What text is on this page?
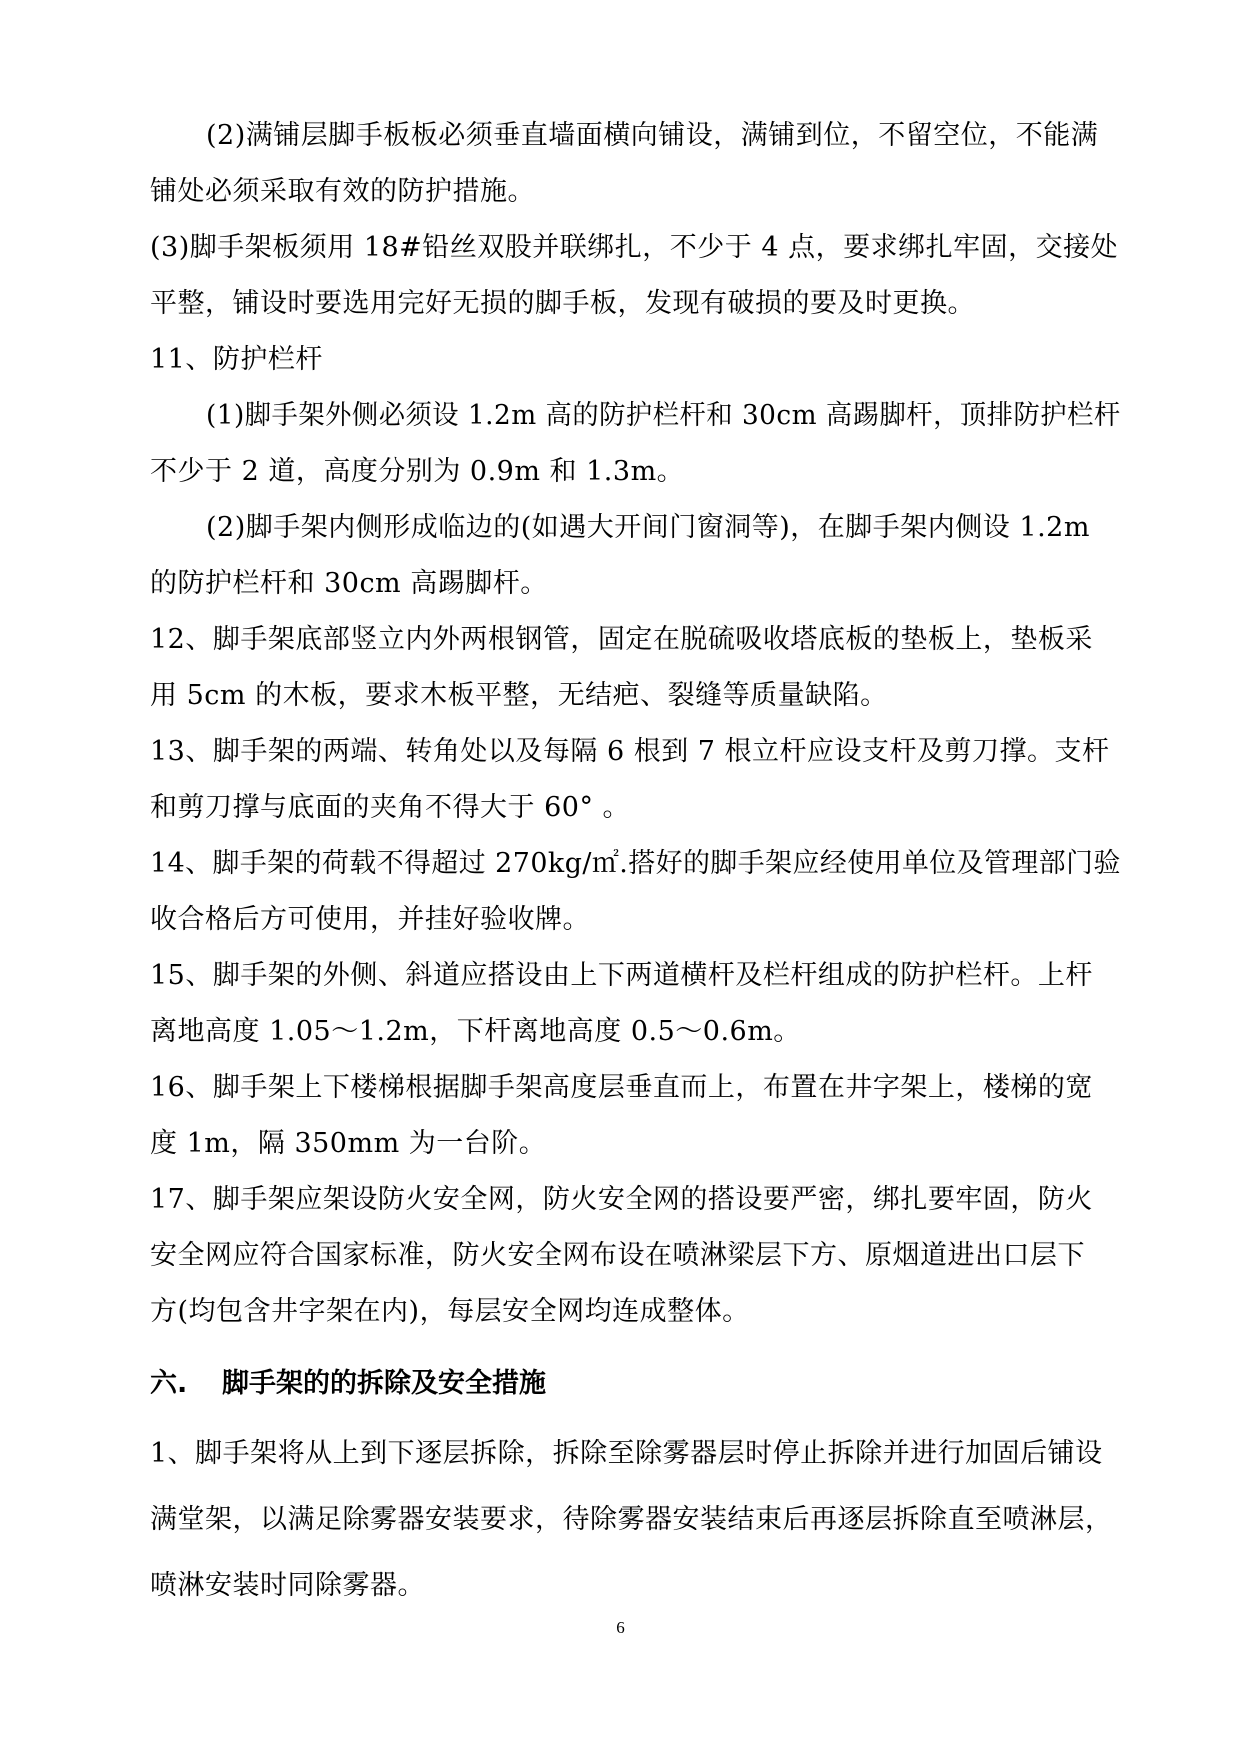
(2)满铺层脚手板板必须垂直墙面横向铺设，满铺到位，不留空位，不能满
铺处必须采取有效的防护措施。
(3)脚手架板须用 18#铅丝双股并联绑扎，不少于 4 点，要求绑扎牢固，交接处
平整，铺设时要选用完好无损的脚手板，发现有破损的要及时更换。
11、防护栏杆
(1)脚手架外侧必须设 1.2m 高的防护栏杆和 30cm 高踢脚杆，顶排防护栏杆
不少于 2 道，高度分别为 0.9m 和 1.3m。
(2)脚手架内侧形成临边的(如遇大开间门窗洞等)，在脚手架内侧设 1.2m
的防护栏杆和 30cm 高踢脚杆。
12、脚手架底部竖立内外两根钢管，固定在脱硫吸收塔底板的垫板上，垫板采
用 5cm 的木板，要求木板平整，无结疤、裂缝等质量缺陷。
13、脚手架的两端、转角处以及每隔 6 根到 7 根立杆应设支杆及剪刀撑。支杆
和剪刀撑与底面的夹角不得大于 60° 。
14、脚手架的荷载不得超过 270kg/㎡.搭好的脚手架应经使用单位及管理部门验
收合格后方可使用，并挂好验收牌。
15、脚手架的外侧、斜道应搭设由上下两道横杆及栏杆组成的防护栏杆。上杆
离地高度 1.05～1.2m，下杆离地高度 0.5～0.6m。
16、脚手架上下楼梯根据脚手架高度层垂直而上，布置在井字架上，楼梯的宽
度 1m，隔 350mm 为一台阶。
17、脚手架应架设防火安全网，防火安全网的搭设要严密，绑扎要牢固，防火
安全网应符合国家标准，防火安全网布设在喷淋梁层下方、原烟道进出口层下
方(均包含井字架在内)，每层安全网均连成整体。
六. 脚手架的的拆除及安全措施
1、脚手架将从上到下逐层拆除，拆除至除雾器层时停止拆除并进行加固后铺设
满堂架，以满足除雾器安装要求，待除雾器安装结束后再逐层拆除直至喷淋层，
喷淋安装时同除雾器。
6
